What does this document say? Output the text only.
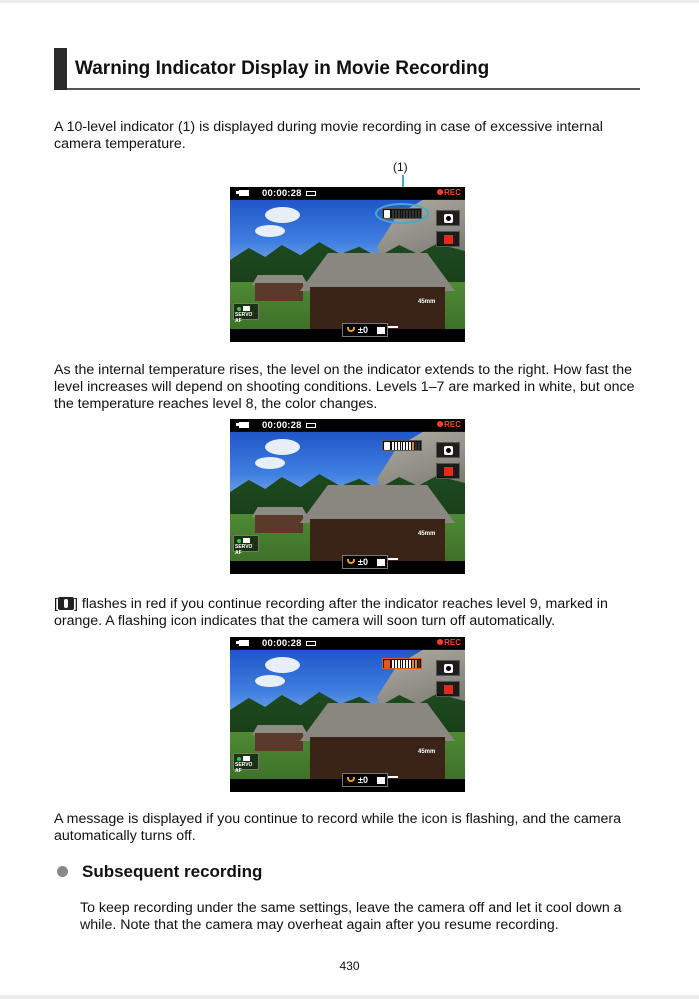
Warning Indicator Display in Movie Recording
A 10-level indicator (1) is displayed during movie recording in case of excessive internal camera temperature.
(1)
00:00:28	REC
SERVO AF
45mm
±0
As the internal temperature rises, the level on the indicator extends to the right. How fast the level increases will depend on shooting conditions. Levels 1–7 are marked in white, but once the temperature reaches level 8, the color changes.
00:00:28	REC
SERVO AF
45mm
±0
[ ] flashes in red if you continue recording after the indicator reaches level 9, marked in orange. A flashing icon indicates that the camera will soon turn off automatically.
00:00:28	REC
SERVO AF
45mm
±0
A message is displayed if you continue to record while the icon is flashing, and the camera automatically turns off.
Subsequent recording
To keep recording under the same settings, leave the camera off and let it cool down a while. Note that the camera may overheat again after you resume recording.
430
